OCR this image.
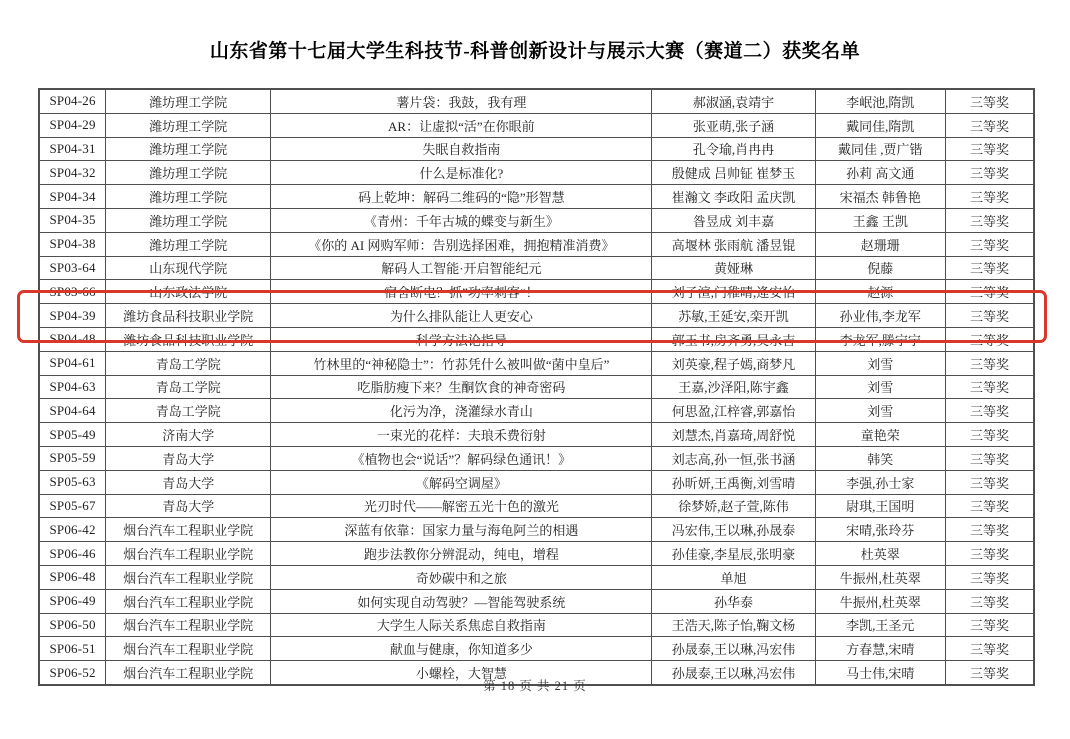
山东省第十七届大学生科技节-科普创新设计与展示大赛（赛道二）获奖名单
SP04-26	潍坊理工学院	薯片袋：我鼓，我有理	郝淑涵,袁靖宇	李岷池,隋凯	三等奖
SP04-29	潍坊理工学院	AR：让虚拟“活”在你眼前	张亚萌,张子涵	戴同佳,隋凯	三等奖
SP04-31	潍坊理工学院	失眠自救指南	孔令瑜,肖冉冉	戴同佳 ,贾广锴	三等奖
SP04-32	潍坊理工学院	什么是标准化?	殷健成 吕帅钲 崔梦玉	孙莉 高文通	三等奖
SP04-34	潍坊理工学院	码上乾坤：解码二维码的“隐”形智慧	崔瀚文 李政阳 孟庆凯	宋福杰 韩鲁艳	三等奖
SP04-35	潍坊理工学院	《青州：千年古城的蝶变与新生》	昝昱成 刘丰嘉	王鑫 王凯	三等奖
SP04-38	潍坊理工学院	《你的 AI 网购军师：告别选择困难，拥抱精准消费》	高堰林 张雨航 潘昱锟	赵珊珊	三等奖
SP03-64	山东现代学院	解码人工智能·开启智能纪元	黄娅琳	倪藤	三等奖
SP03-66	山东政法学院	宿舍断电？抓”功率刺客“！	刘子渲,门稚晴,逄安怡	赵源	三等奖
SP04-39	潍坊食品科技职业学院	为什么排队能让人更安心	苏敏,王延安,栾开凯	孙业伟,李龙军	三等奖
SP04-48	潍坊食品科技职业学院	科学方法论指导	郭玉书,房齐勇,吴永吉	李龙军,滕宁宁	三等奖
SP04-61	青岛工学院	竹林里的“神秘隐士”：竹荪凭什么被叫做“菌中皇后”	刘英豪,程子嫣,商梦凡	刘雪	三等奖
SP04-63	青岛工学院	吃脂肪瘦下来？生酮饮食的神奇密码	王嘉,沙泽阳,陈宇鑫	刘雪	三等奖
SP04-64	青岛工学院	化污为净，浇灌绿水青山	何思盈,江梓睿,郭嘉怡	刘雪	三等奖
SP05-49	济南大学	一束光的花样：夫琅禾费衍射	刘慧杰,肖嘉琦,周舒悦	童艳荣	三等奖
SP05-59	青岛大学	《植物也会“说话”？解码绿色通讯！》	刘志高,孙一恒,张书涵	韩笑	三等奖
SP05-63	青岛大学	《解码空调屋》	孙昕妍,王禹衡,刘雪晴	李强,孙士家	三等奖
SP05-67	青岛大学	光刃时代——解密五光十色的激光	徐梦娇,赵子萱,陈伟	尉琪,王国明	三等奖
SP06-42	烟台汽车工程职业学院	深蓝有依靠：国家力量与海龟阿兰的相遇	冯宏伟,王以琳,孙晟泰	宋晴,张玲芬	三等奖
SP06-46	烟台汽车工程职业学院	跑步法教你分辨混动，纯电，增程	孙佳豪,李星辰,张明豪	杜英翠	三等奖
SP06-48	烟台汽车工程职业学院	奇妙碳中和之旅	单旭	牛振州,杜英翠	三等奖
SP06-49	烟台汽车工程职业学院	如何实现自动驾驶？—智能驾驶系统	孙华泰	牛振州,杜英翠	三等奖
SP06-50	烟台汽车工程职业学院	大学生人际关系焦虑自救指南	王浩天,陈子怡,鞠文杨	李凯,王圣元	三等奖
SP06-51	烟台汽车工程职业学院	献血与健康，你知道多少	孙晟泰,王以琳,冯宏伟	方春慧,宋晴	三等奖
SP06-52	烟台汽车工程职业学院	小螺栓，大智慧	孙晟泰,王以琳,冯宏伟	马士伟,宋晴	三等奖
第 18 页 共 21 页
